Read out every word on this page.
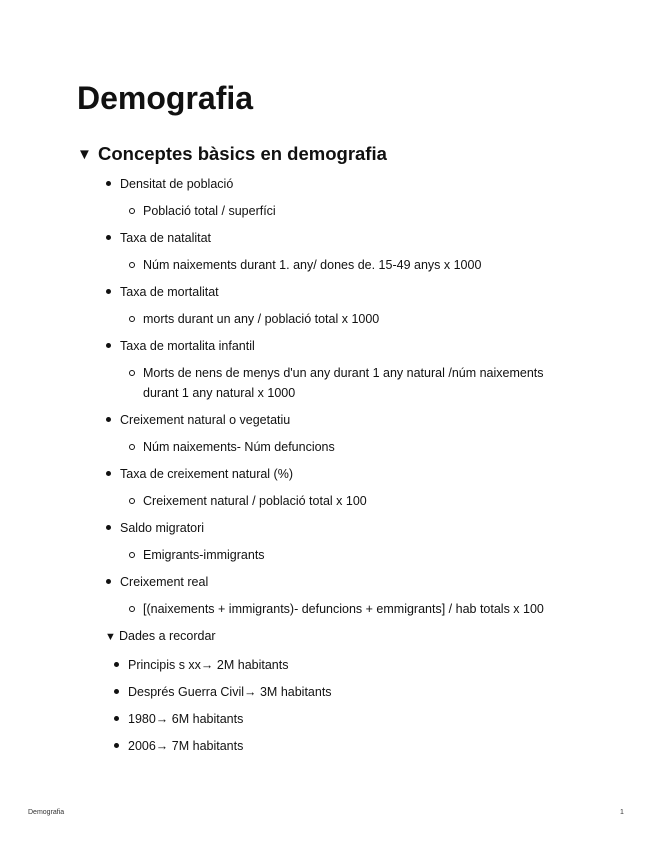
Demografia
▼ Conceptes bàsics en demografia
Densitat de població
Població total / superfíci
Taxa de natalitat
Núm naixements durant 1. any/ dones de. 15-49 anys x 1000
Taxa de mortalitat
morts durant un any / població total x 1000
Taxa de mortalita infantil
Morts de nens de menys d'un any durant 1 any natural /núm naixements durant 1 any natural x 1000
Creixement natural o vegetatiu
Núm naixements- Núm defuncions
Taxa de creixement natural (%)
Creixement natural / població total x 100
Saldo migratori
Emigrants-immigrants
Creixement real
[(naixements + immigrants)- defuncions + emmigrants] / hab totals x 100
▼ Dades a recordar
Principis s xx→ 2M habitants
Després Guerra Civil→ 3M habitants
1980→ 6M habitants
2006→ 7M habitants
Demografia	1
